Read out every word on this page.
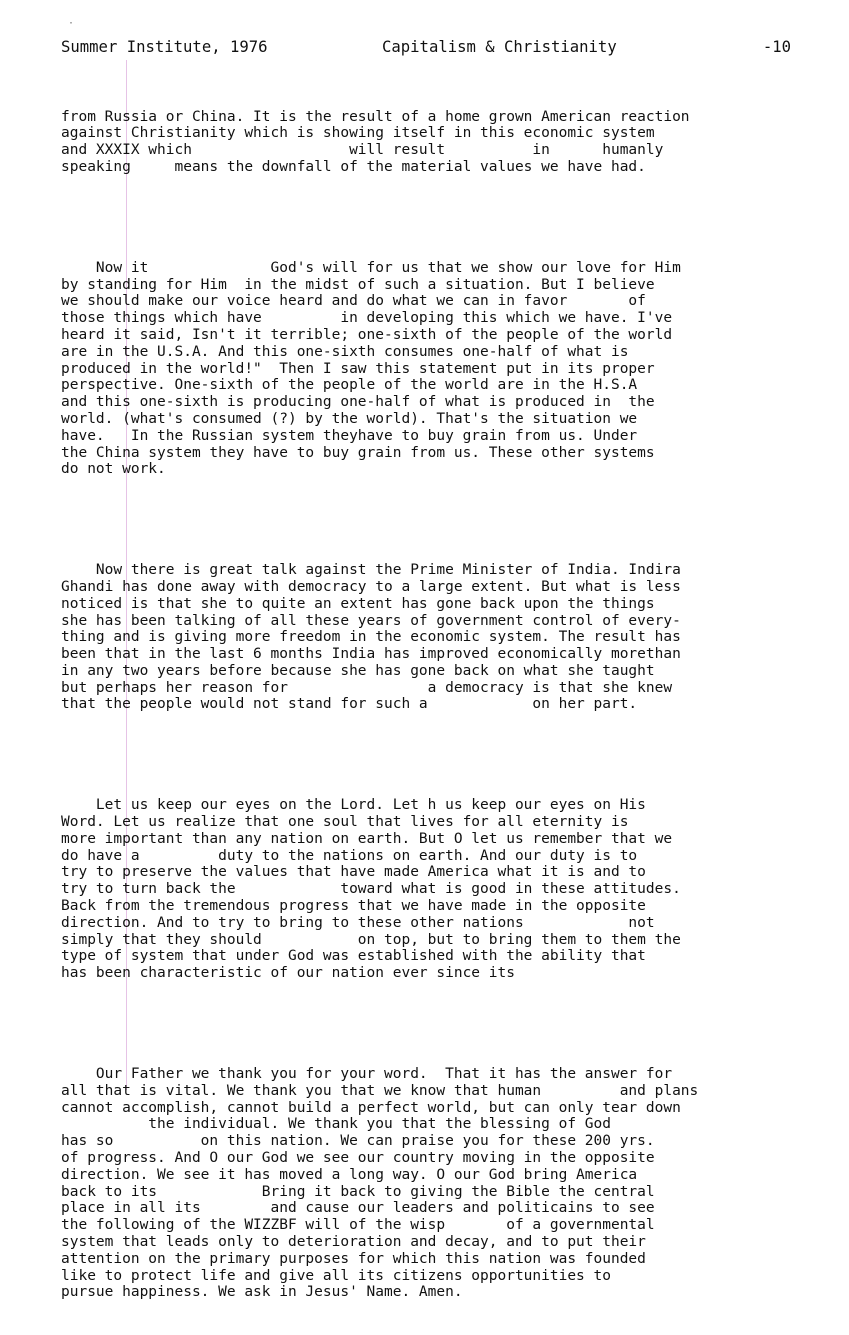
·

Summer Institute, 1976

	Capitalism & Christianity

	-10

from Russia or China. It is the result of a home grown American reaction
against Christianity which is showing itself in this economic system
and XXXIX which                  will result          in      humanly
speaking     means the downfall of the material values we have had.

Now it              God's will for us that we show our love for Him
by standing for Him  in the midst of such a situation. But I believe
we should make our voice heard and do what we can in favor       of
those things which have         in developing this which we have. I've
heard it said, Isn't it terrible; one-sixth of the people of the world
are in the U.S.A. And this one-sixth consumes one-half of what is
produced in the world!"  Then I saw this statement put in its proper
perspective. One-sixth of the people of the world are in the H.S.A
and this one-sixth is producing one-half of what is produced in  the
world. (what's consumed (?) by the world). That's the situation we
have.   In the Russian system theyhave to buy grain from us. Under
the China system they have to buy grain from us. These other systems
do not work.

Now there is great talk against the Prime Minister of India. Indira
Ghandi has done away with democracy to a large extent. But what is less
noticed is that she to quite an extent has gone back upon the things
she has been talking of all these years of government control of every-
thing and is giving more freedom in the economic system. The result has
been that in the last 6 months India has improved economically morethan
in any two years before because she has gone back on what she taught
but perhaps her reason for                a democracy is that she knew
that the people would not stand for such a            on her part.

Let us keep our eyes on the Lord. Let h us keep our eyes on His
Word. Let us realize that one soul that lives for all eternity is
more important than any nation on earth. But O let us remember that we
do have a         duty to the nations on earth. And our duty is to
try to preserve the values that have made America what it is and to
try to turn back the            toward what is good in these attitudes.
Back from the tremendous progress that we have made in the opposite
direction. And to try to bring to these other nations            not
simply that they should           on top, but to bring them to them the
type of system that under God was established with the ability that
has been characteristic of our nation ever since its

Our Father we thank you for your word.  That it has the answer for
all that is vital. We thank you that we know that human         and plans
cannot accomplish, cannot build a perfect world, but can only tear down
the individual. We thank you that the blessing of God
has so          on this nation. We can praise you for these 200 yrs.
of progress. And O our God we see our country moving in the opposite
direction. We see it has moved a long way. O our God bring America
back to its            Bring it back to giving the Bible the central
place in all its        and cause our leaders and politicains to see
the following of the WIZZBF will of the wisp       of a governmental
system that leads only to deterioration and decay, and to put their
attention on the primary purposes for which this nation was founded
like to protect life and give all its citizens opportunities to
pursue happiness. We ask in Jesus' Name. Amen.
